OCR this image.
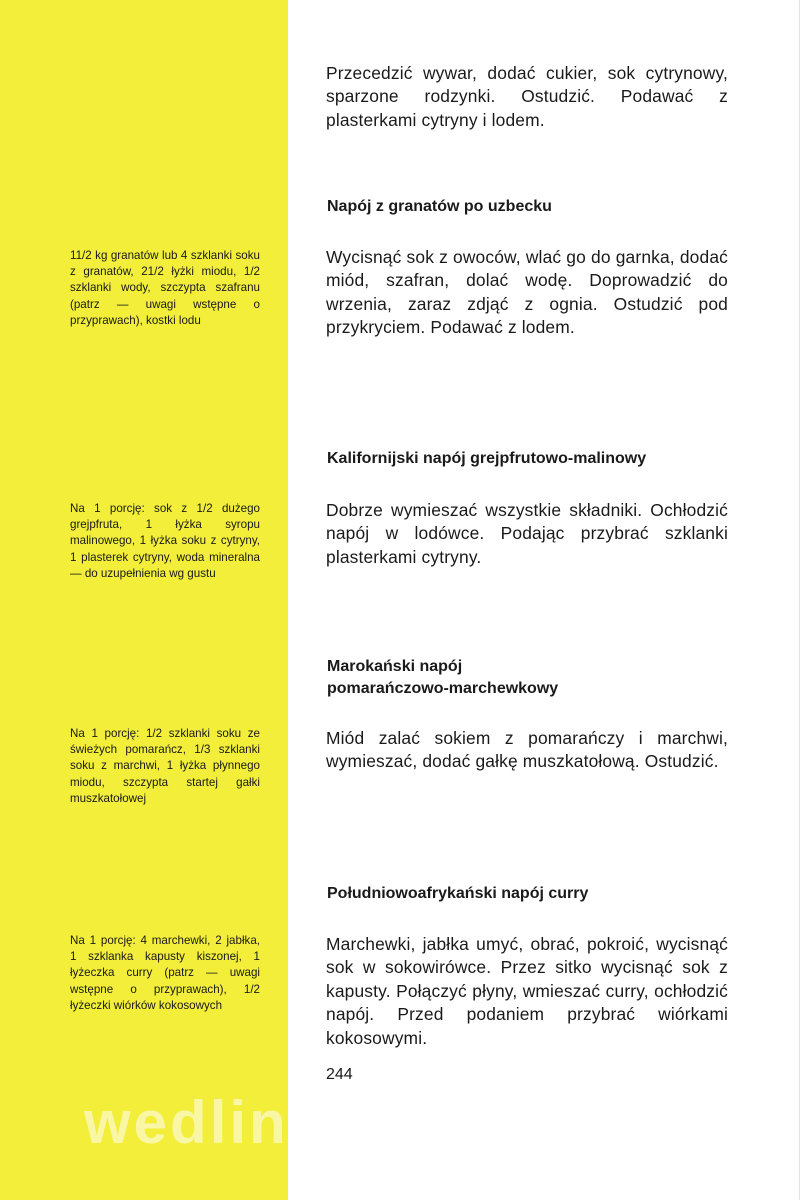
Przecedzić wywar, dodać cukier, sok cytrynowy, sparzone rodzynki. Ostudzić. Podawać z plasterkami cytryny i lodem.

Napój z granatów po uzbecku

11/2 kg granatów lub 4 szklanki soku z granatów, 21/2 łyżki miodu, 1/2 szklanki wody, szczypta szafranu (patrz — uwagi wstępne o przyprawach), kostki lodu

Wycisnąć sok z owoców, wlać go do garnka, dodać miód, szafran, dolać wodę. Doprowadzić do wrzenia, zaraz zdjąć z ognia. Ostudzić pod przykryciem. Podawać z lodem.

Kalifornijski napój grejpfrutowo-malinowy

Na 1 porcję: sok z 1/2 dużego grejpfruta, 1 łyżka syropu malinowego, 1 łyżka soku z cytryny, 1 plasterek cytryny, woda mineralna — do uzupełnienia wg gustu

Dobrze wymieszać wszystkie składniki. Ochłodzić napój w lodówce. Podając przybrać szklanki plasterkami cytryny.

Marokański napój
pomarańczowo-marchewkowy

Na 1 porcję: 1/2 szklanki soku ze świeżych pomarańcz, 1/3 szklanki soku z marchwi, 1 łyżka płynnego miodu, szczypta startej gałki muszkatołowej

Miód zalać sokiem z pomarańczy i marchwi, wymieszać, dodać gałkę muszkatołową. Ostudzić.

Południowoafrykański napój curry

Na 1 porcję: 4 marchewki, 2 jabłka, 1 szklanka kapusty kiszonej, 1 łyżeczka curry (patrz — uwagi wstępne o przyprawach), 1/2 łyżeczki wiórków kokosowych

Marchewki, jabłka umyć, obrać, pokroić, wycisnąć sok w sokowirówce. Przez sitko wycisnąć sok z kapusty. Połączyć płyny, wmieszać curry, ochłodzić napój. Przed podaniem przybrać wiórkami kokosowymi.

244

wedlinydomowe.pl
